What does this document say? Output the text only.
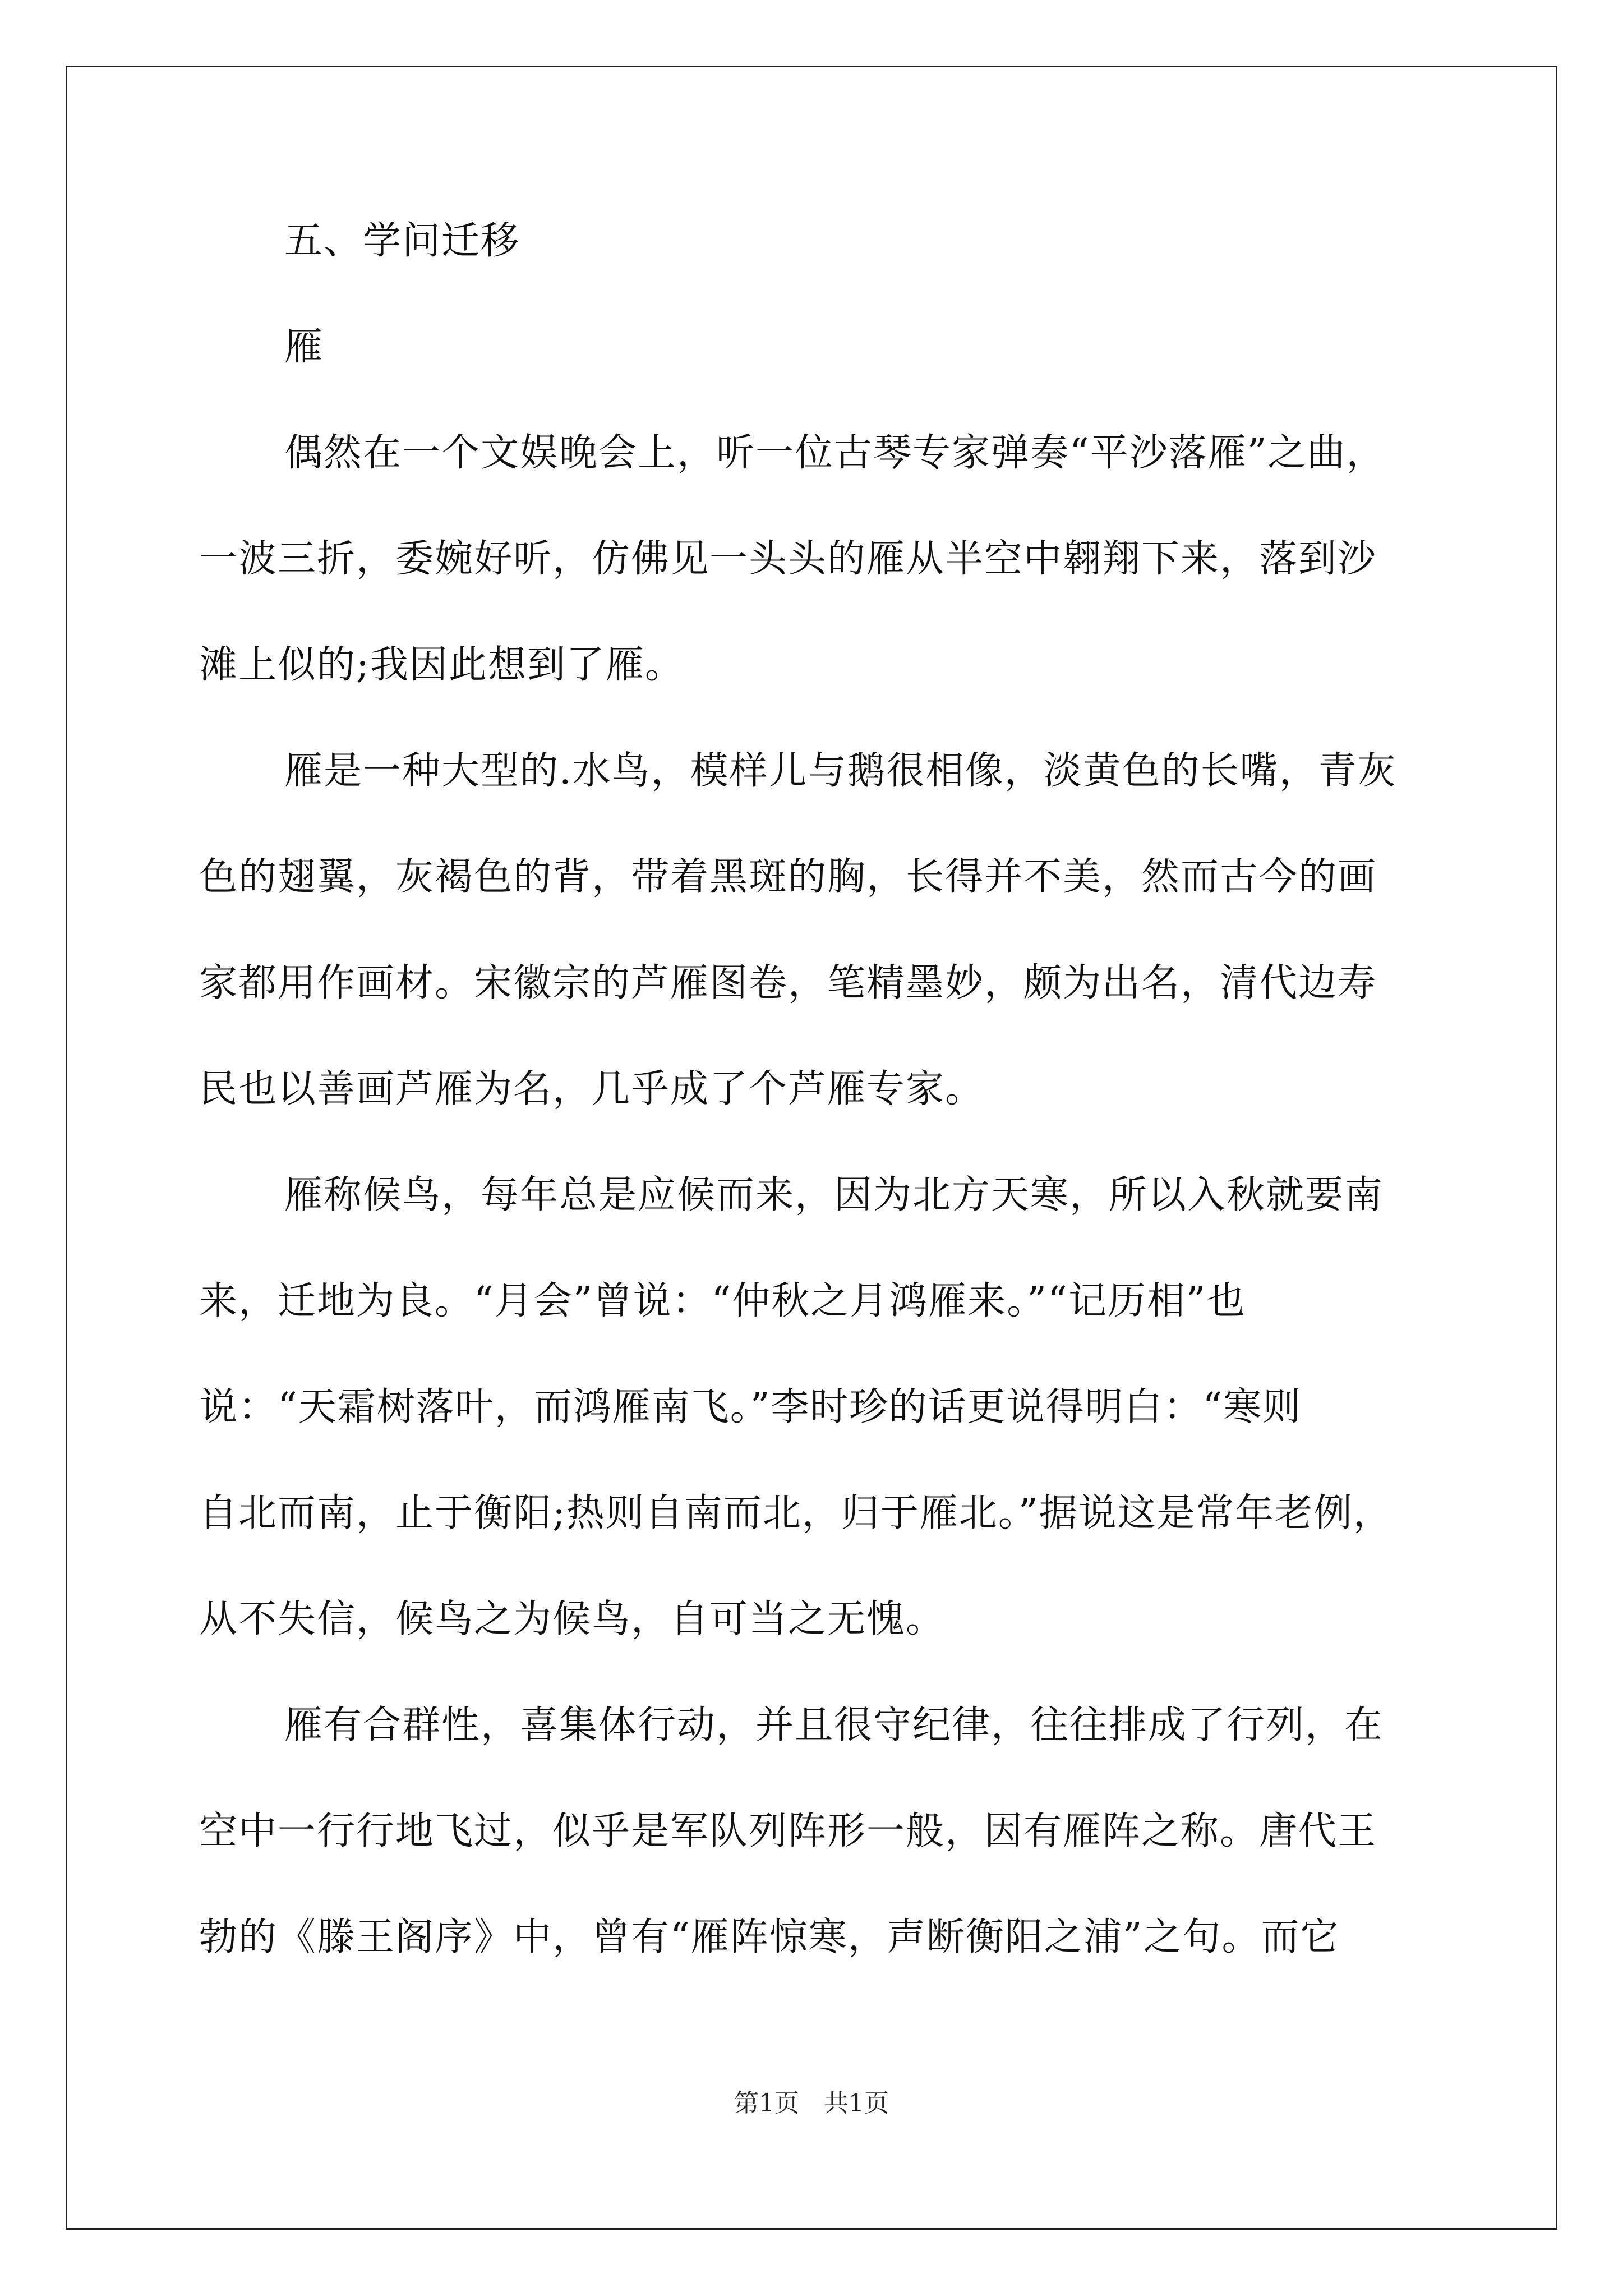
五、学问迁移
雁
偶然在一个文娱晚会上，听一位古琴专家弹奏“平沙落雁”之曲，
一波三折，委婉好听，仿佛见一头头的雁从半空中翱翔下来，落到沙
滩上似的;我因此想到了雁。
雁是一种大型的.水鸟，模样儿与鹅很相像，淡黄色的长嘴，青灰
色的翅翼，灰褐色的背，带着黑斑的胸，长得并不美，然而古今的画
家都用作画材。宋徽宗的芦雁图卷，笔精墨妙，颇为出名，清代边寿
民也以善画芦雁为名，几乎成了个芦雁专家。
雁称候鸟，每年总是应候而来，因为北方天寒，所以入秋就要南
来，迁地为良。“月会”曾说：“仲秋之月鸿雁来。”“记历相”也
说：“天霜树落叶，而鸿雁南飞。”李时珍的话更说得明白：“寒则
自北而南，止于衡阳;热则自南而北，归于雁北。”据说这是常年老例，
从不失信，候鸟之为候鸟，自可当之无愧。
雁有合群性，喜集体行动，并且很守纪律，往往排成了行列，在
空中一行行地飞过，似乎是军队列阵形一般，因有雁阵之称。唐代王
勃的《滕王阁序》中，曾有“雁阵惊寒，声断衡阳之浦”之句。而它
第1页　共1页
